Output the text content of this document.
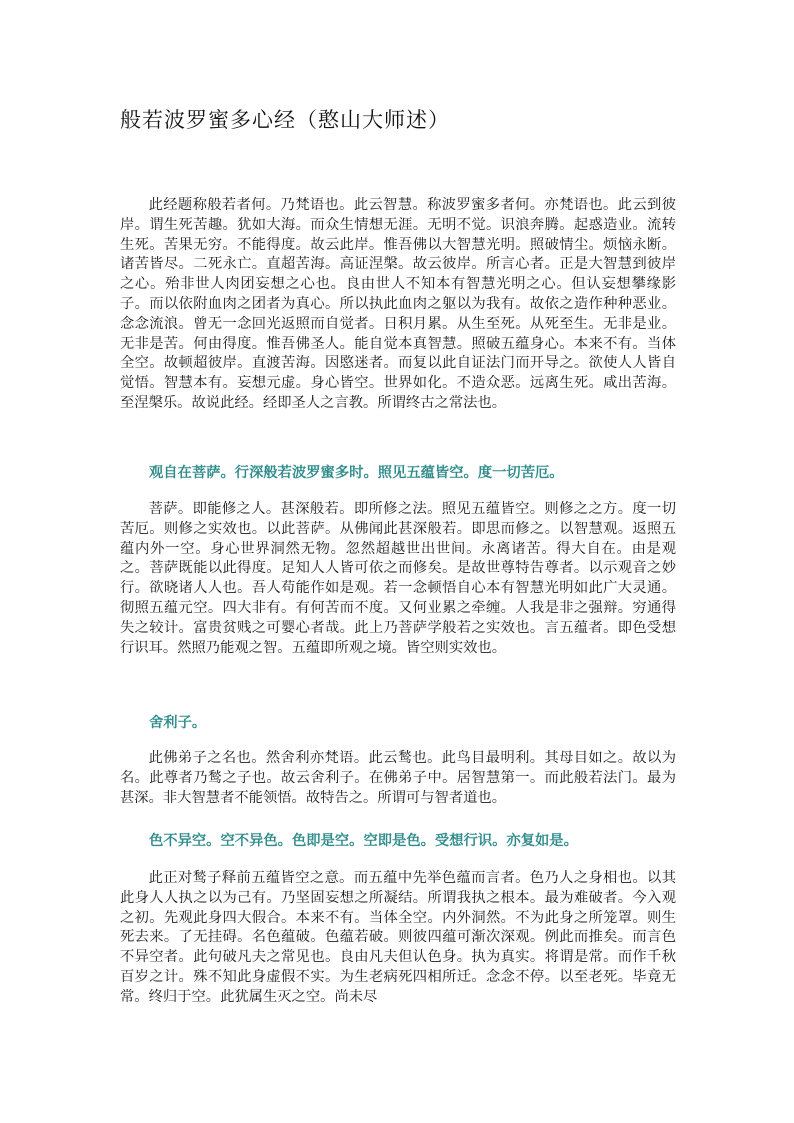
般若波罗蜜多心经（憨山大师述）

此经题称般若者何。乃梵语也。此云智慧。称波罗蜜多者何。亦梵语也。此云到彼岸。谓生死苦趣。犹如大海。而众生情想无涯。无明不觉。识浪奔腾。起惑造业。流转生死。苦果无穷。不能得度。故云此岸。惟吾佛以大智慧光明。照破情尘。烦恼永断。诸苦皆尽。二死永亡。直超苦海。高证涅槃。故云彼岸。所言心者。正是大智慧到彼岸之心。殆非世人肉团妄想之心也。良由世人不知本有智慧光明之心。但认妄想攀缘影子。而以依附血肉之团者为真心。所以执此血肉之躯以为我有。故依之造作种种恶业。念念流浪。曾无一念回光返照而自觉者。日积月累。从生至死。从死至生。无非是业。无非是苦。何由得度。惟吾佛圣人。能自觉本真智慧。照破五蕴身心。本来不有。当体全空。故顿超彼岸。直渡苦海。因愍迷者。而复以此自证法门而开导之。欲使人人皆自觉悟。智慧本有。妄想元虚。身心皆空。世界如化。不造众恶。远离生死。咸出苦海。至涅槃乐。故说此经。经即圣人之言教。所谓终古之常法也。

观自在菩萨。行深般若波罗蜜多时。照见五蕴皆空。度一切苦厄。

菩萨。即能修之人。甚深般若。即所修之法。照见五蕴皆空。则修之之方。度一切苦厄。则修之实效也。以此菩萨。从佛闻此甚深般若。即思而修之。以智慧观。返照五蕴内外一空。身心世界洞然无物。忽然超越世出世间。永离诸苦。得大自在。由是观之。菩萨既能以此得度。足知人人皆可依之而修矣。是故世尊特告尊者。以示观音之妙行。欲晓诸人人也。吾人苟能作如是观。若一念顿悟自心本有智慧光明如此广大灵通。彻照五蕴元空。四大非有。有何苦而不度。又何业累之牵缠。人我是非之强辩。穷通得失之较计。富贵贫贱之可婴心者哉。此上乃菩萨学般若之实效也。言五蕴者。即色受想行识耳。然照乃能观之智。五蕴即所观之境。皆空则实效也。

舍利子。

此佛弟子之名也。然舍利亦梵语。此云鹙也。此鸟目最明利。其母目如之。故以为名。此尊者乃鹙之子也。故云舍利子。在佛弟子中。居智慧第一。而此般若法门。最为甚深。非大智慧者不能领悟。故特告之。所谓可与智者道也。

色不异空。空不异色。色即是空。空即是色。受想行识。亦复如是。

此正对鹙子释前五蕴皆空之意。而五蕴中先举色蕴而言者。色乃人之身相也。以其此身人人执之以为己有。乃坚固妄想之所凝结。所谓我执之根本。最为难破者。今入观之初。先观此身四大假合。本来不有。当体全空。内外洞然。不为此身之所笼罩。则生死去来。了无挂碍。名色蕴破。色蕴若破。则彼四蕴可渐次深观。例此而推矣。而言色不异空者。此句破凡夫之常见也。良由凡夫但认色身。执为真实。将谓是常。而作千秋百岁之计。殊不知此身虚假不实。为生老病死四相所迁。念念不停。以至老死。毕竟无常。终归于空。此犹属生灭之空。尚未尽
